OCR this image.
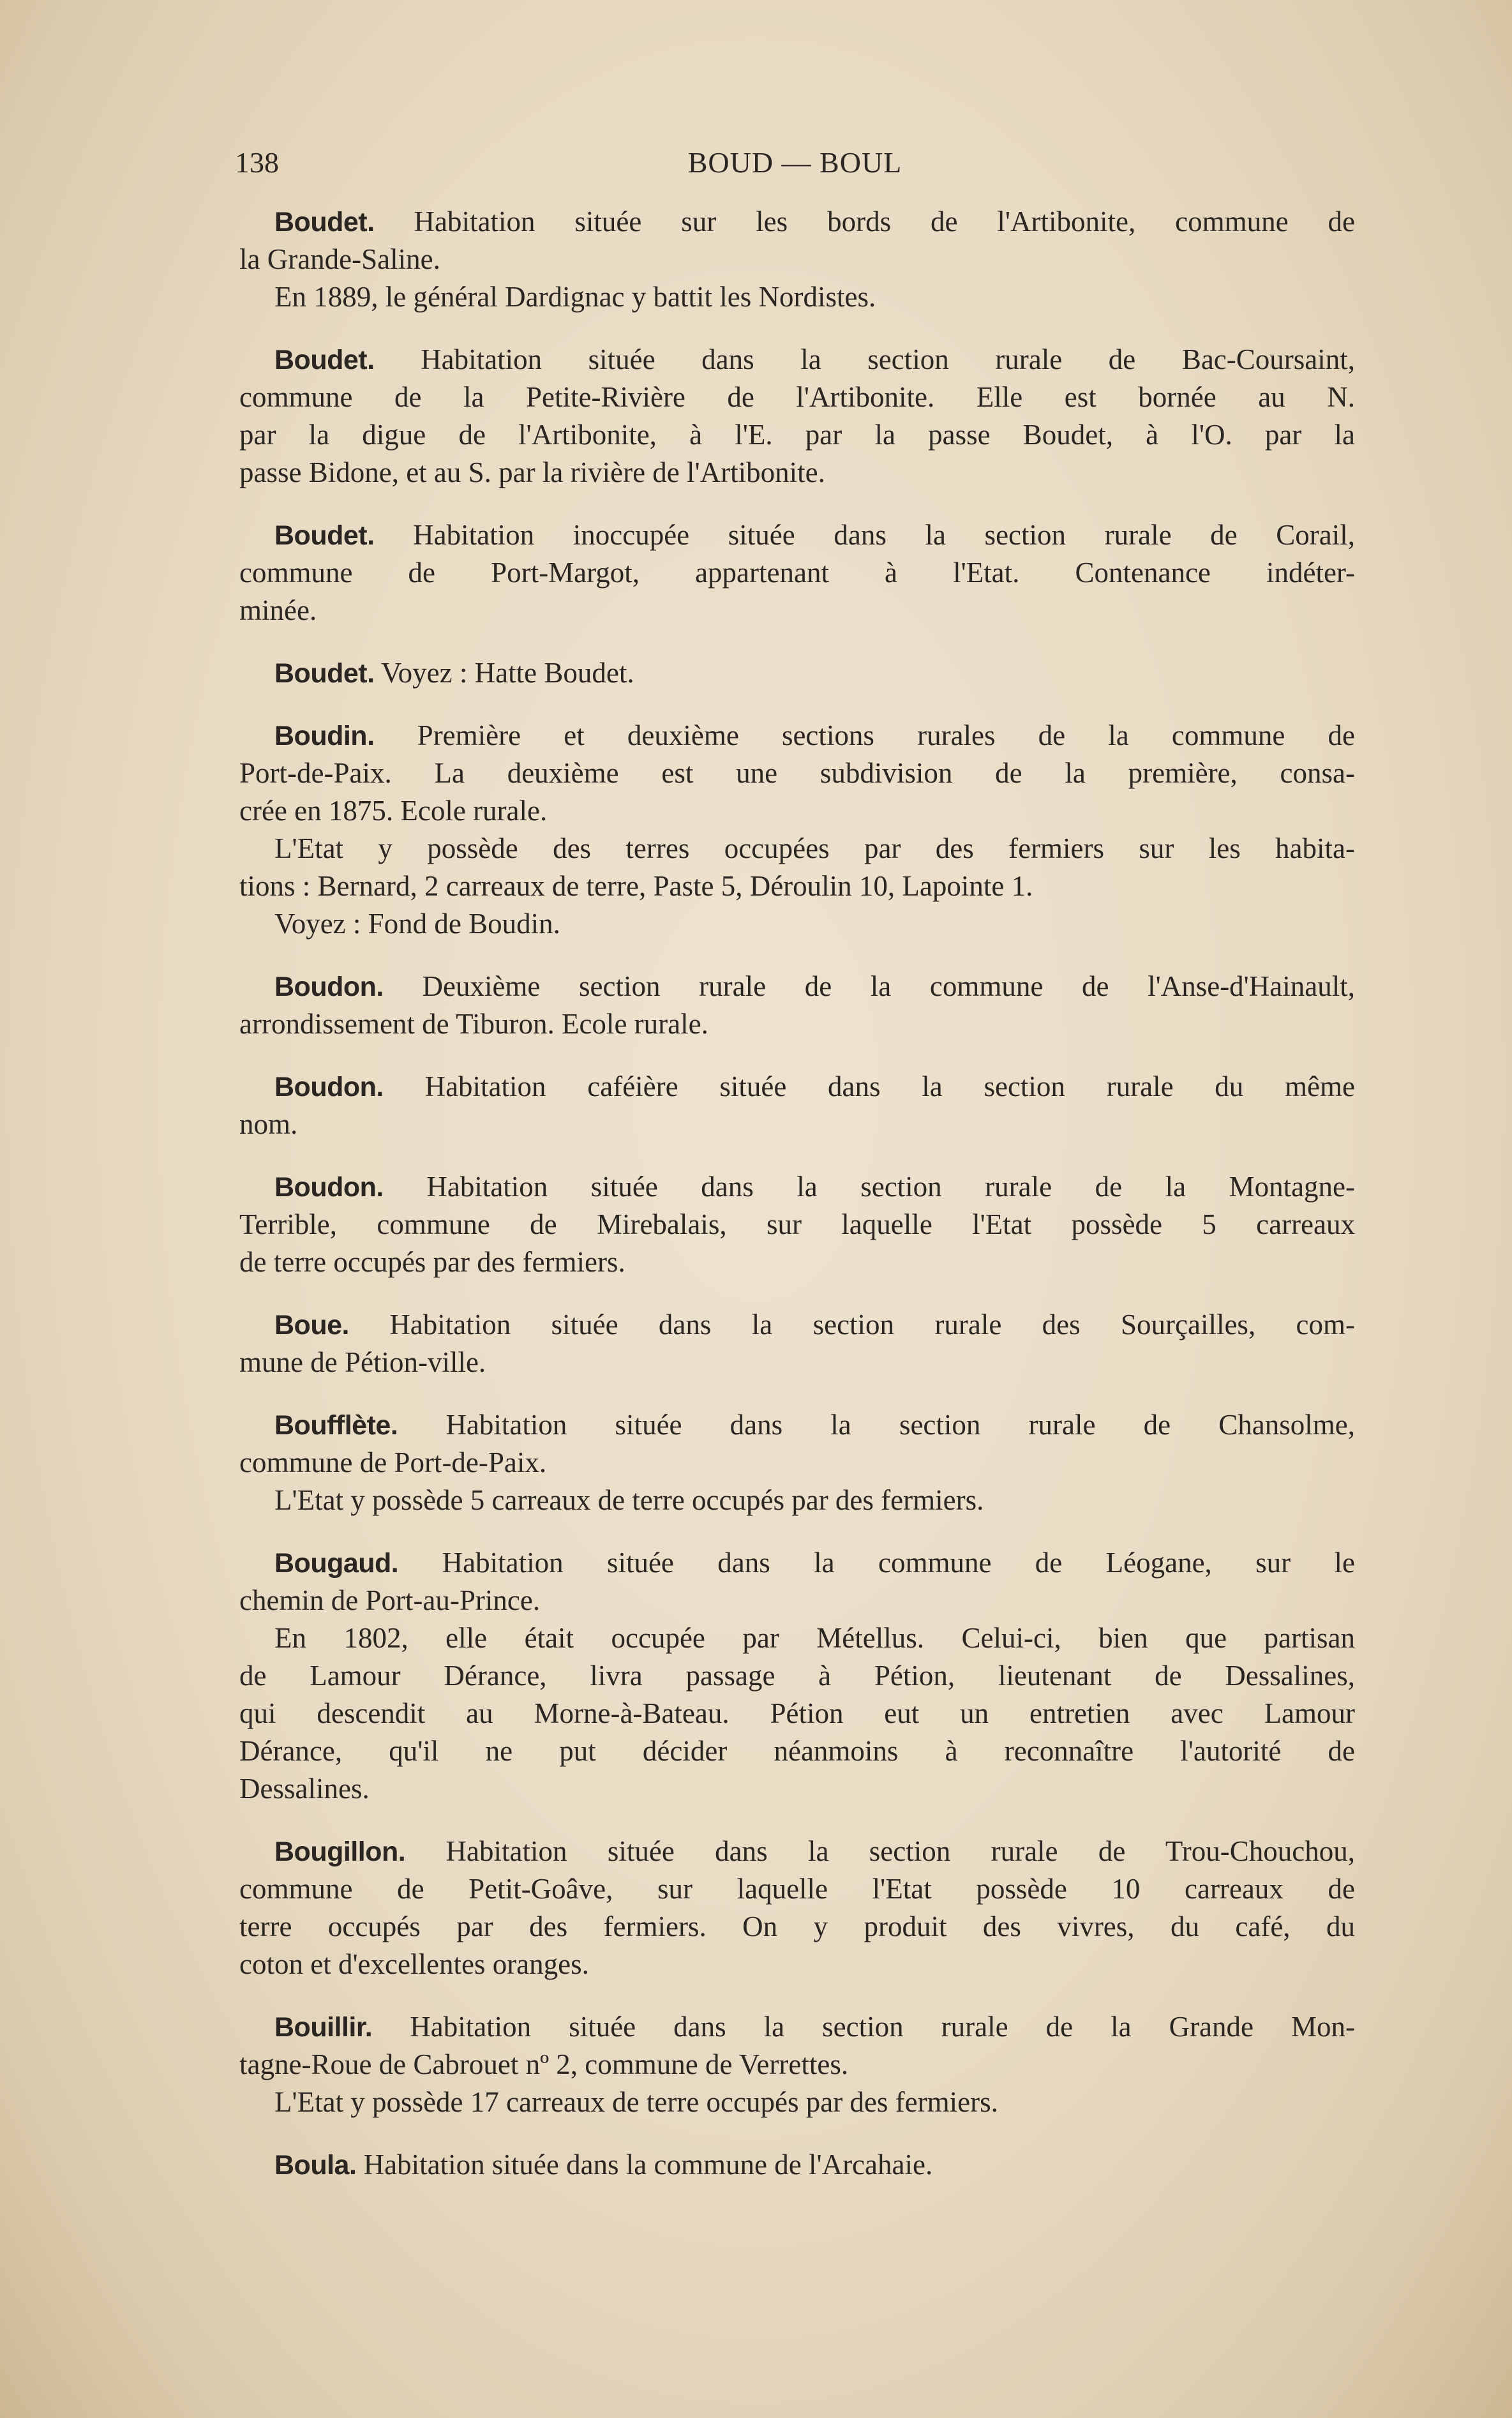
138	BOUD — BOUL
Boudet. Habitation située sur les bords de l'Artibonite, commune de
la Grande-Saline.
En 1889, le général Dardignac y battit les Nordistes.
Boudet. Habitation située dans la section rurale de Bac-Coursaint,
commune de la Petite-Rivière de l'Artibonite. Elle est bornée au N.
par la digue de l'Artibonite, à l'E. par la passe Boudet, à l'O. par la
passe Bidone, et au S. par la rivière de l'Artibonite.
Boudet. Habitation inoccupée située dans la section rurale de Corail,
commune de Port-Margot, appartenant à l'Etat. Contenance indéter-
minée.
Boudet. Voyez : Hatte Boudet.
Boudin. Première et deuxième sections rurales de la commune de
Port-de-Paix. La deuxième est une subdivision de la première, consa-
crée en 1875. Ecole rurale.
L'Etat y possède des terres occupées par des fermiers sur les habita-
tions : Bernard, 2 carreaux de terre, Paste 5, Déroulin 10, Lapointe 1.
Voyez : Fond de Boudin.
Boudon. Deuxième section rurale de la commune de l'Anse-d'Hainault,
arrondissement de Tiburon. Ecole rurale.
Boudon. Habitation caféière située dans la section rurale du même
nom.
Boudon. Habitation située dans la section rurale de la Montagne-
Terrible, commune de Mirebalais, sur laquelle l'Etat possède 5 carreaux
de terre occupés par des fermiers.
Boue. Habitation située dans la section rurale des Sourçailles, com-
mune de Pétion-ville.
Boufflète. Habitation située dans la section rurale de Chansolme,
commune de Port-de-Paix.
L'Etat y possède 5 carreaux de terre occupés par des fermiers.
Bougaud. Habitation située dans la commune de Léogane, sur le
chemin de Port-au-Prince.
En 1802, elle était occupée par Métellus. Celui-ci, bien que partisan
de Lamour Dérance, livra passage à Pétion, lieutenant de Dessalines,
qui descendit au Morne-à-Bateau. Pétion eut un entretien avec Lamour
Dérance, qu'il ne put décider néanmoins à reconnaître l'autorité de
Dessalines.
Bougillon. Habitation située dans la section rurale de Trou-Chouchou,
commune de Petit-Goâve, sur laquelle l'Etat possède 10 carreaux de
terre occupés par des fermiers. On y produit des vivres, du café, du
coton et d'excellentes oranges.
Bouillir. Habitation située dans la section rurale de la Grande Mon-
tagne-Roue de Cabrouet nº 2, commune de Verrettes.
L'Etat y possède 17 carreaux de terre occupés par des fermiers.
Boula. Habitation située dans la commune de l'Arcahaie.
